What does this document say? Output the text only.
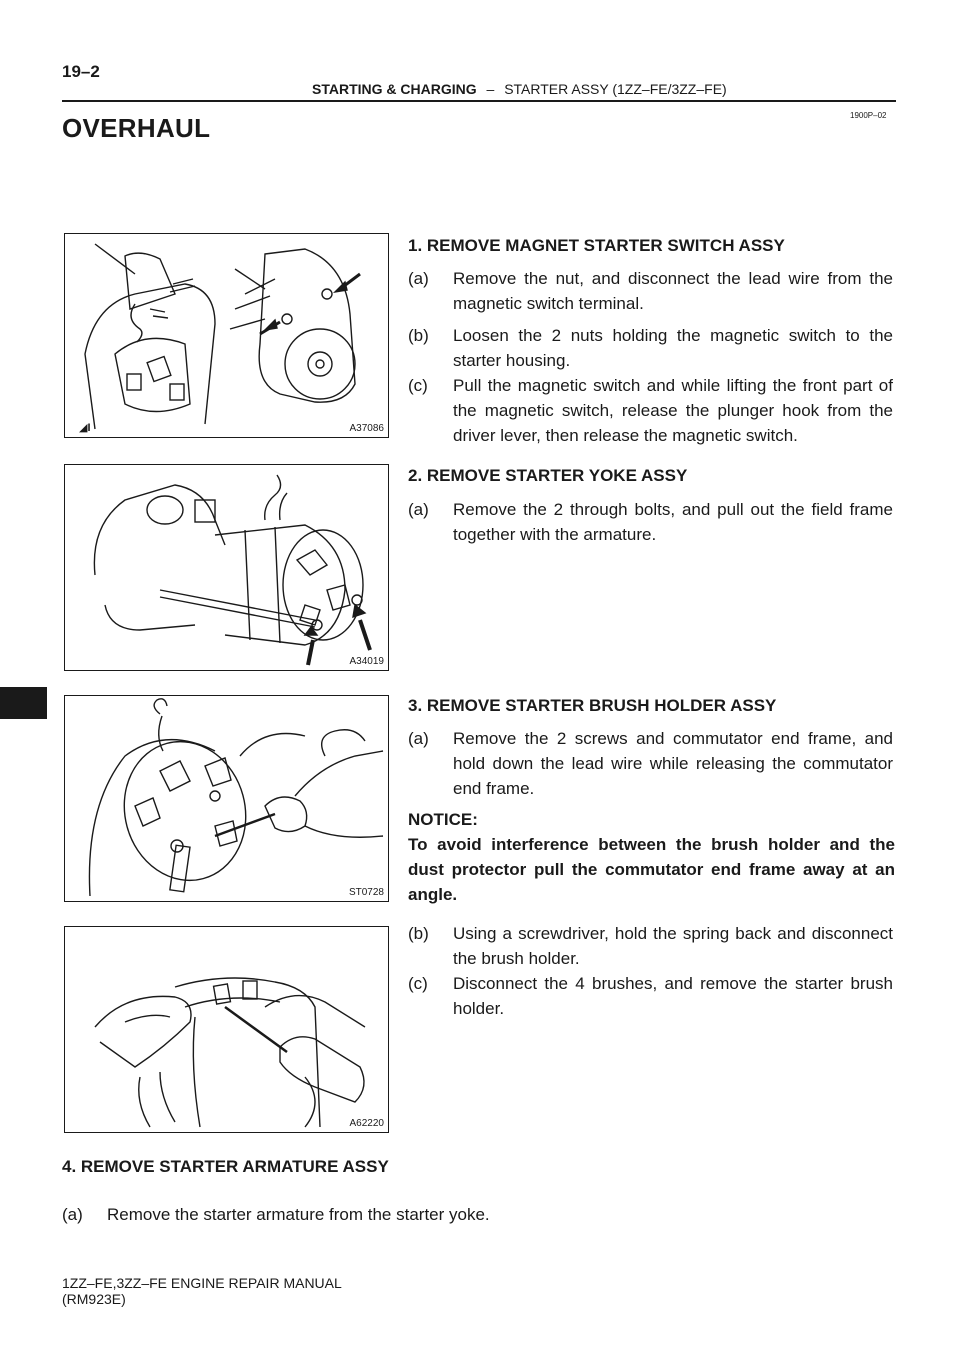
19–2
STARTING & CHARGING – STARTER ASSY (1ZZ–FE/3ZZ–FE)
1900P–02
OVERHAUL
◢I	A37086
A34019
ST0728
A62220
1. REMOVE MAGNET STARTER SWITCH ASSY
(a) Remove the nut, and disconnect the lead wire from the magnetic switch terminal.
(b) Loosen the 2 nuts holding the magnetic switch to the starter housing.
(c) Pull the magnetic switch and while lifting the front part of the magnetic switch, release the plunger hook from the driver lever, then release the magnetic switch.
2. REMOVE STARTER YOKE ASSY
(a) Remove the 2 through bolts, and pull out the field frame together with the armature.
3. REMOVE STARTER BRUSH HOLDER ASSY
(a) Remove the 2 screws and commutator end frame, and hold down the lead wire while releasing the commutator end frame.
NOTICE:
To avoid interference between the brush holder and the dust protector pull the commutator end frame away at an angle.
(b) Using a screwdriver, hold the spring back and disconnect the brush holder.
(c) Disconnect the 4 brushes, and remove the starter brush holder.
4. REMOVE STARTER ARMATURE ASSY
(a) Remove the starter armature from the starter yoke.
1ZZ–FE,3ZZ–FE ENGINE REPAIR MANUAL
(RM923E)
